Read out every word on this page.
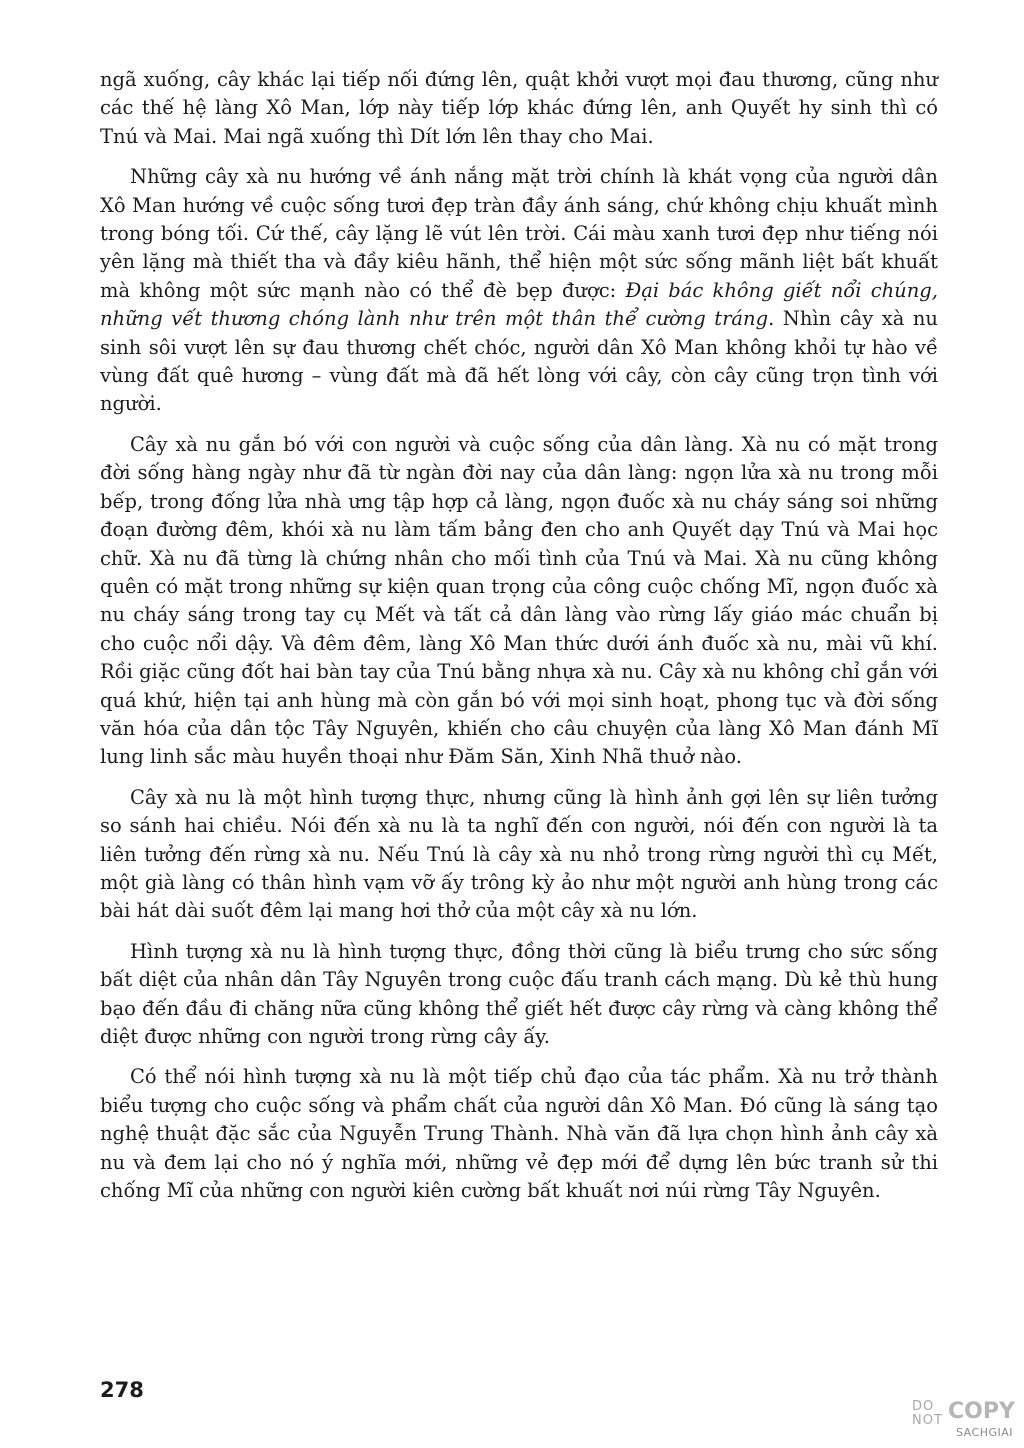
ngã xuống, cây khác lại tiếp nối đứng lên, quật khởi vượt mọi đau thương, cũng như các thế hệ làng Xô Man, lớp này tiếp lớp khác đứng lên, anh Quyết hy sinh thì có Tnú và Mai. Mai ngã xuống thì Dít lớn lên thay cho Mai.

Những cây xà nu hướng về ánh nắng mặt trời chính là khát vọng của người dân Xô Man hướng về cuộc sống tươi đẹp tràn đầy ánh sáng, chứ không chịu khuất mình trong bóng tối. Cứ thế, cây lặng lẽ vút lên trời. Cái màu xanh tươi đẹp như tiếng nói yên lặng mà thiết tha và đầy kiêu hãnh, thể hiện một sức sống mãnh liệt bất khuất mà không một sức mạnh nào có thể đè bẹp được: Đại bác không giết nổi chúng, những vết thương chóng lành như trên một thân thể cường tráng. Nhìn cây xà nu sinh sôi vượt lên sự đau thương chết chóc, người dân Xô Man không khỏi tự hào về vùng đất quê hương – vùng đất mà đã hết lòng với cây, còn cây cũng trọn tình với người.

Cây xà nu gắn bó với con người và cuộc sống của dân làng. Xà nu có mặt trong đời sống hàng ngày như đã từ ngàn đời nay của dân làng: ngọn lửa xà nu trong mỗi bếp, trong đống lửa nhà ưng tập hợp cả làng, ngọn đuốc xà nu cháy sáng soi những đoạn đường đêm, khói xà nu làm tấm bảng đen cho anh Quyết dạy Tnú và Mai học chữ. Xà nu đã từng là chứng nhân cho mối tình của Tnú và Mai. Xà nu cũng không quên có mặt trong những sự kiện quan trọng của công cuộc chống Mĩ, ngọn đuốc xà nu cháy sáng trong tay cụ Mết và tất cả dân làng vào rừng lấy giáo mác chuẩn bị cho cuộc nổi dậy. Và đêm đêm, làng Xô Man thức dưới ánh đuốc xà nu, mài vũ khí. Rồi giặc cũng đốt hai bàn tay của Tnú bằng nhựa xà nu. Cây xà nu không chỉ gắn với quá khứ, hiện tại anh hùng mà còn gắn bó với mọi sinh hoạt, phong tục và đời sống văn hóa của dân tộc Tây Nguyên, khiến cho câu chuyện của làng Xô Man đánh Mĩ lung linh sắc màu huyền thoại như Đăm Săn, Xinh Nhã thuở nào.

Cây xà nu là một hình tượng thực, nhưng cũng là hình ảnh gợi lên sự liên tưởng so sánh hai chiều. Nói đến xà nu là ta nghĩ đến con người, nói đến con người là ta liên tưởng đến rừng xà nu. Nếu Tnú là cây xà nu nhỏ trong rừng người thì cụ Mết, một già làng có thân hình vạm vỡ ấy trông kỳ ảo như một người anh hùng trong các bài hát dài suốt đêm lại mang hơi thở của một cây xà nu lớn.

Hình tượng xà nu là hình tượng thực, đồng thời cũng là biểu trưng cho sức sống bất diệt của nhân dân Tây Nguyên trong cuộc đấu tranh cách mạng. Dù kẻ thù hung bạo đến đầu đi chăng nữa cũng không thể giết hết được cây rừng và càng không thể diệt được những con người trong rừng cây ấy.

Có thể nói hình tượng xà nu là một tiếp chủ đạo của tác phẩm. Xà nu trở thành biểu tượng cho cuộc sống và phẩm chất của người dân Xô Man. Đó cũng là sáng tạo nghệ thuật đặc sắc của Nguyễn Trung Thành. Nhà văn đã lựa chọn hình ảnh cây xà nu và đem lại cho nó ý nghĩa mới, những vẻ đẹp mới để dựng lên bức tranh sử thi chống Mĩ của những con người kiên cường bất khuất nơi núi rừng Tây Nguyên.

278
DO
NOT COPY
SACHGIAI
